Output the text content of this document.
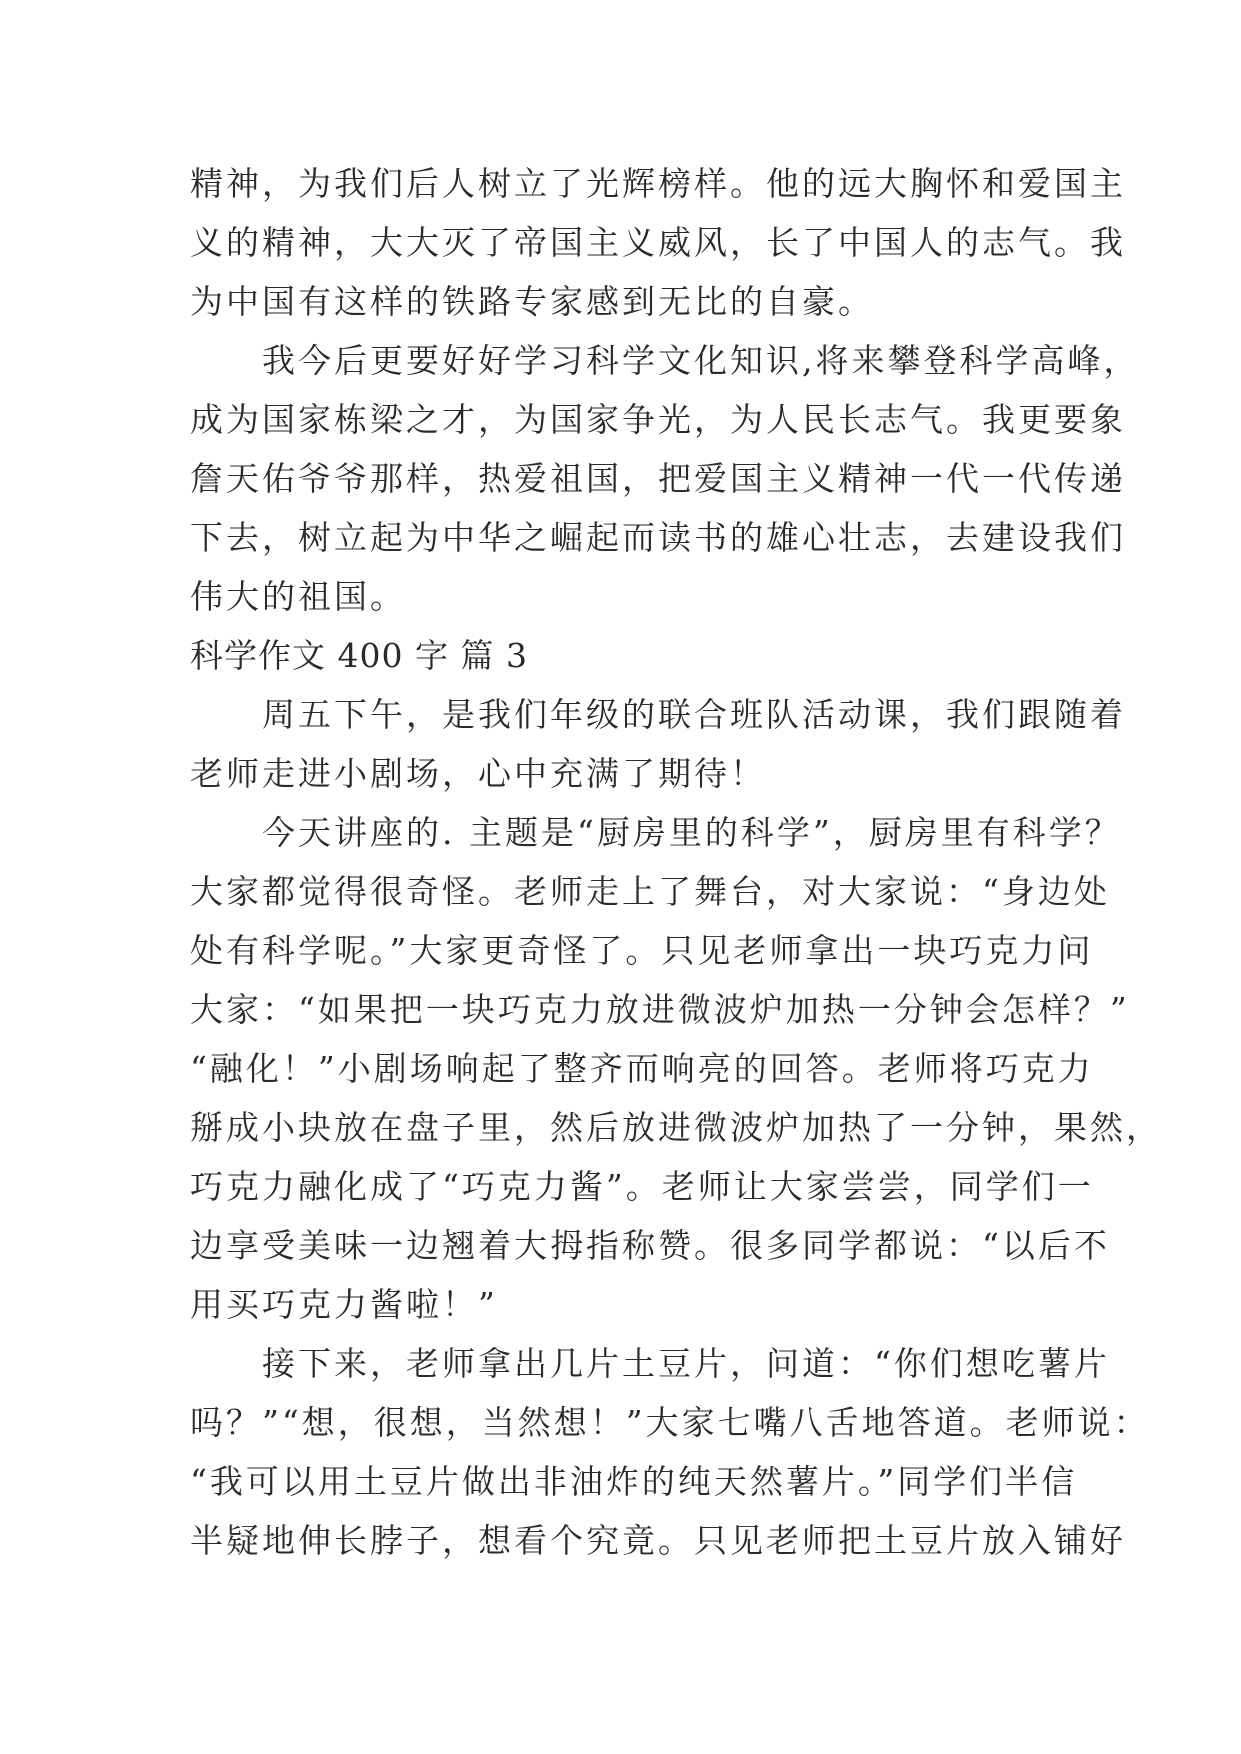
精神，为我们后人树立了光辉榜样。他的远大胸怀和爱国主
义的精神，大大灭了帝国主义威风，长了中国人的志气。我
为中国有这样的铁路专家感到无比的自豪。
我今后更要好好学习科学文化知识,将来攀登科学高峰，
成为国家栋梁之才，为国家争光，为人民长志气。我更要象
詹天佑爷爷那样，热爱祖国，把爱国主义精神一代一代传递
下去，树立起为中华之崛起而读书的雄心壮志，去建设我们
伟大的祖国。
科学作文 400 字 篇 3
周五下午，是我们年级的联合班队活动课，我们跟随着
老师走进小剧场，心中充满了期待！
今天讲座的. 主题是“厨房里的科学”，厨房里有科学？
大家都觉得很奇怪。老师走上了舞台，对大家说：“身边处
处有科学呢。”大家更奇怪了。只见老师拿出一块巧克力问
大家：“如果把一块巧克力放进微波炉加热一分钟会怎样？”
“融化！”小剧场响起了整齐而响亮的回答。老师将巧克力
掰成小块放在盘子里，然后放进微波炉加热了一分钟，果然，
巧克力融化成了“巧克力酱”。老师让大家尝尝，同学们一
边享受美味一边翘着大拇指称赞。很多同学都说：“以后不
用买巧克力酱啦！”
接下来，老师拿出几片土豆片，问道：“你们想吃薯片
吗？”“想，很想，当然想！”大家七嘴八舌地答道。老师说：
“我可以用土豆片做出非油炸的纯天然薯片。”同学们半信
半疑地伸长脖子，想看个究竟。只见老师把土豆片放入铺好
